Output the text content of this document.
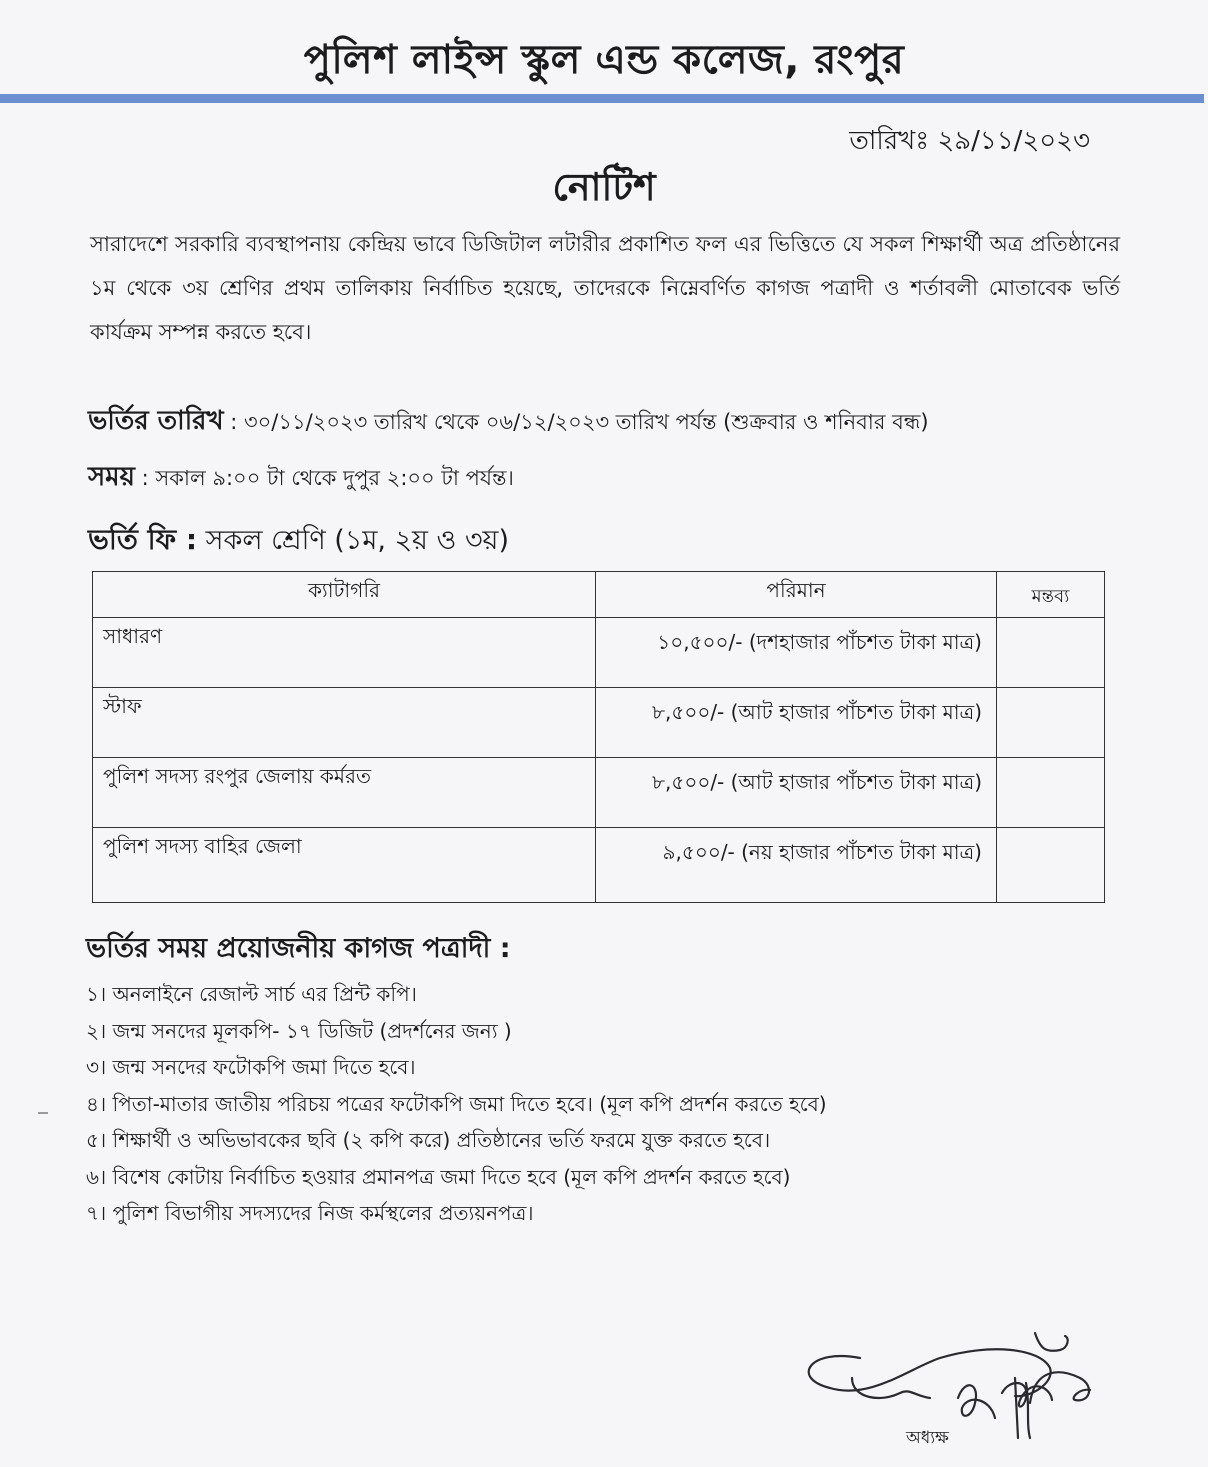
পুলিশ লাইন্স স্কুল এন্ড কলেজ, রংপুর
তারিখঃ ২৯/১১/২০২৩
নোটিশ
সারাদেশে সরকারি ব্যবস্থাপনায় কেন্দ্রিয় ভাবে ডিজিটাল লটারীর প্রকাশিত ফল এর ভিত্তিতে যে সকল শিক্ষার্থী অত্র প্রতিষ্ঠানের ১ম থেকে ৩য় শ্রেণির প্রথম তালিকায় নির্বাচিত হয়েছে, তাদেরকে নিম্নেবর্ণিত কাগজ পত্রাদী ও শর্তাবলী মোতাবেক ভর্তি কার্যক্রম সম্পন্ন করতে হবে।
ভর্তির তারিখ : ৩০/১১/২০২৩ তারিখ থেকে ০৬/১২/২০২৩ তারিখ পর্যন্ত (শুক্রবার ও শনিবার বন্ধ)
সময় : সকাল ৯:০০ টা থেকে দুপুর ২:০০ টা পর্যন্ত।
ভর্তি ফি : সকল শ্রেণি (১ম, ২য় ও ৩য়)
ক্যাটাগরি	পরিমান	মন্তব্য
সাধারণ	১০,৫০০/- (দশহাজার পাঁচশত টাকা মাত্র)	
স্টাফ	৮,৫০০/- (আট হাজার পাঁচশত টাকা মাত্র)	
পুলিশ সদস্য রংপুর জেলায় কর্মরত	৮,৫০০/- (আট হাজার পাঁচশত টাকা মাত্র)	
পুলিশ সদস্য বাহির জেলা	৯,৫০০/- (নয় হাজার পাঁচশত টাকা মাত্র)	
ভর্তির সময় প্রয়োজনীয় কাগজ পত্রাদী :
১। অনলাইনে রেজাল্ট সার্চ এর প্রিন্ট কপি।
২। জন্ম সনদের মূলকপি- ১৭ ডিজিট (প্রদর্শনের জন্য )
৩। জন্ম সনদের ফটোকপি জমা দিতে হবে।
৪। পিতা-মাতার জাতীয় পরিচয় পত্রের ফটোকপি জমা দিতে হবে। (মূল কপি প্রদর্শন করতে হবে)
৫। শিক্ষার্থী ও অভিভাবকের ছবি (২ কপি করে) প্রতিষ্ঠানের ভর্তি ফরমে যুক্ত করতে হবে।
৬। বিশেষ কোটায় নির্বাচিত হওয়ার প্রমানপত্র জমা দিতে হবে (মূল কপি প্রদর্শন করতে হবে)
৭। পুলিশ বিভাগীয় সদস্যদের নিজ কর্মস্থলের প্রত্যয়নপত্র।
অধ্যক্ষ
